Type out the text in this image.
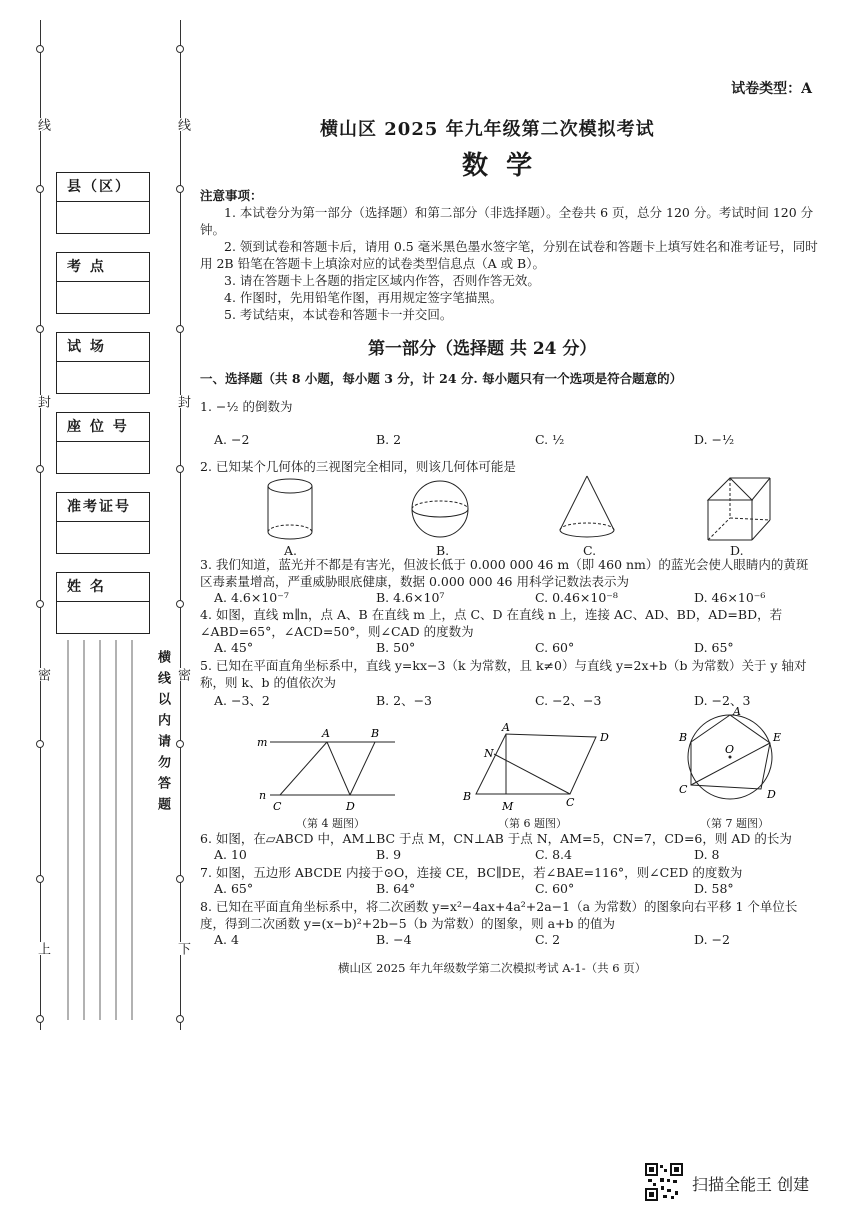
线
封
密
上
线
封
密
下
横线以内请勿答题
县（区）
考 点
试 场
座 位 号
准考证号
姓 名
试卷类型：A
横山区 2025 年九年级第二次模拟考试
数  学
注意事项：
1. 本试卷分为第一部分（选择题）和第二部分（非选择题）。全卷共 6 页，总分 120 分。考试时间 120 分钟。
2. 领到试卷和答题卡后，请用 0.5 毫米黑色墨水签字笔，分别在试卷和答题卡上填写姓名和准考证号，同时用 2B 铅笔在答题卡上填涂对应的试卷类型信息点（A 或 B）。
3. 请在答题卡上各题的指定区域内作答，否则作答无效。
4. 作图时，先用铅笔作图，再用规定签字笔描黑。
5. 考试结束，本试卷和答题卡一并交回。
第一部分（选择题 共 24 分）
一、选择题（共 8 小题，每小题 3 分，计 24 分. 每小题只有一个选项是符合题意的）
1. −½ 的倒数为
A. −2	B. 2	C. ½	D. −½
2. 已知某个几何体的三视图完全相同，则该几何体可能是
A.	B.	C.	D.
3. 我们知道，蓝光并不都是有害光，但波长低于 0.000 000 46 m（即 460 nm）的蓝光会使人眼睛内的黄斑区毒素量增高，严重威胁眼底健康，数据 0.000 000 46 用科学记数法表示为
A. 4.6×10⁻⁷	B. 4.6×10⁷	C. 0.46×10⁻⁸	D. 46×10⁻⁶
4. 如图，直线 m∥n，点 A、B 在直线 m 上，点 C、D 在直线 n 上，连接 AC、AD、BD，AD=BD，若∠ABD=65°，∠ACD=50°，则∠CAD 的度数为
A. 45°	B. 50°	C. 60°	D. 65°
5. 已知在平面直角坐标系中，直线 y=kx−3（k 为常数，且 k≠0）与直线 y=2x+b（b 为常数）关于 y 轴对称，则 k、b 的值依次为
A. −3、2	B. 2、−3	C. −2、−3	D. −2、3
m
A	B
n
C	D
（第 4 题图）
A
D
N
B
M	C
（第 6 题图）
A
B	E
O
C	D
（第 7 题图）
6. 如图，在▱ABCD 中，AM⊥BC 于点 M，CN⊥AB 于点 N，AM=5，CN=7，CD=6，则 AD 的长为
A. 10	B. 9	C. 8.4	D. 8
7. 如图，五边形 ABCDE 内接于⊙O，连接 CE，BC∥DE，若∠BAE=116°，则∠CED 的度数为
A. 65°	B. 64°	C. 60°	D. 58°
8. 已知在平面直角坐标系中，将二次函数 y=x²−4ax+4a²+2a−1（a 为常数）的图象向右平移 1 个单位长度，得到二次函数 y=(x−b)²+2b−5（b 为常数）的图象，则 a+b 的值为
A. 4	B. −4	C. 2	D. −2
横山区 2025 年九年级数学第二次模拟考试 A-1-（共 6 页）
扫描全能王 创建
